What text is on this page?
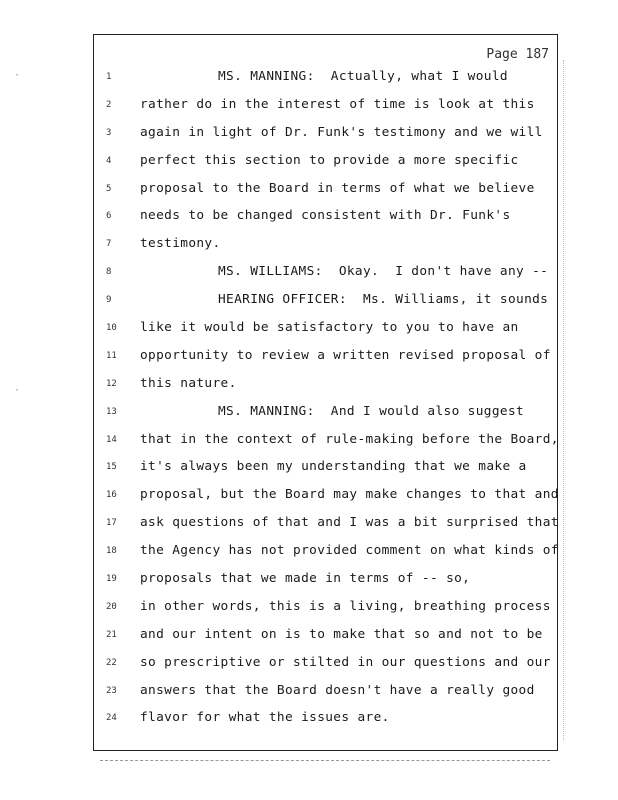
Page 187
1	MS. MANNING:  Actually, what I would
2	rather do in the interest of time is look at this
3	again in light of Dr. Funk's testimony and we will
4	perfect this section to provide a more specific
5	proposal to the Board in terms of what we believe
6	needs to be changed consistent with Dr. Funk's
7	testimony.
8	MS. WILLIAMS:  Okay.  I don't have any --
9	HEARING OFFICER:  Ms. Williams, it sounds
10	like it would be satisfactory to you to have an
11	opportunity to review a written revised proposal of
12	this nature.
13	MS. MANNING:  And I would also suggest
14	that in the context of rule-making before the Board,
15	it's always been my understanding that we make a
16	proposal, but the Board may make changes to that and
17	ask questions of that and I was a bit surprised that
18	the Agency has not provided comment on what kinds of
19	proposals that we made in terms of -- so,
20	in other words, this is a living, breathing process
21	and our intent on is to make that so and not to be
22	so prescriptive or stilted in our questions and our
23	answers that the Board doesn't have a really good
24	flavor for what the issues are.
·
·
